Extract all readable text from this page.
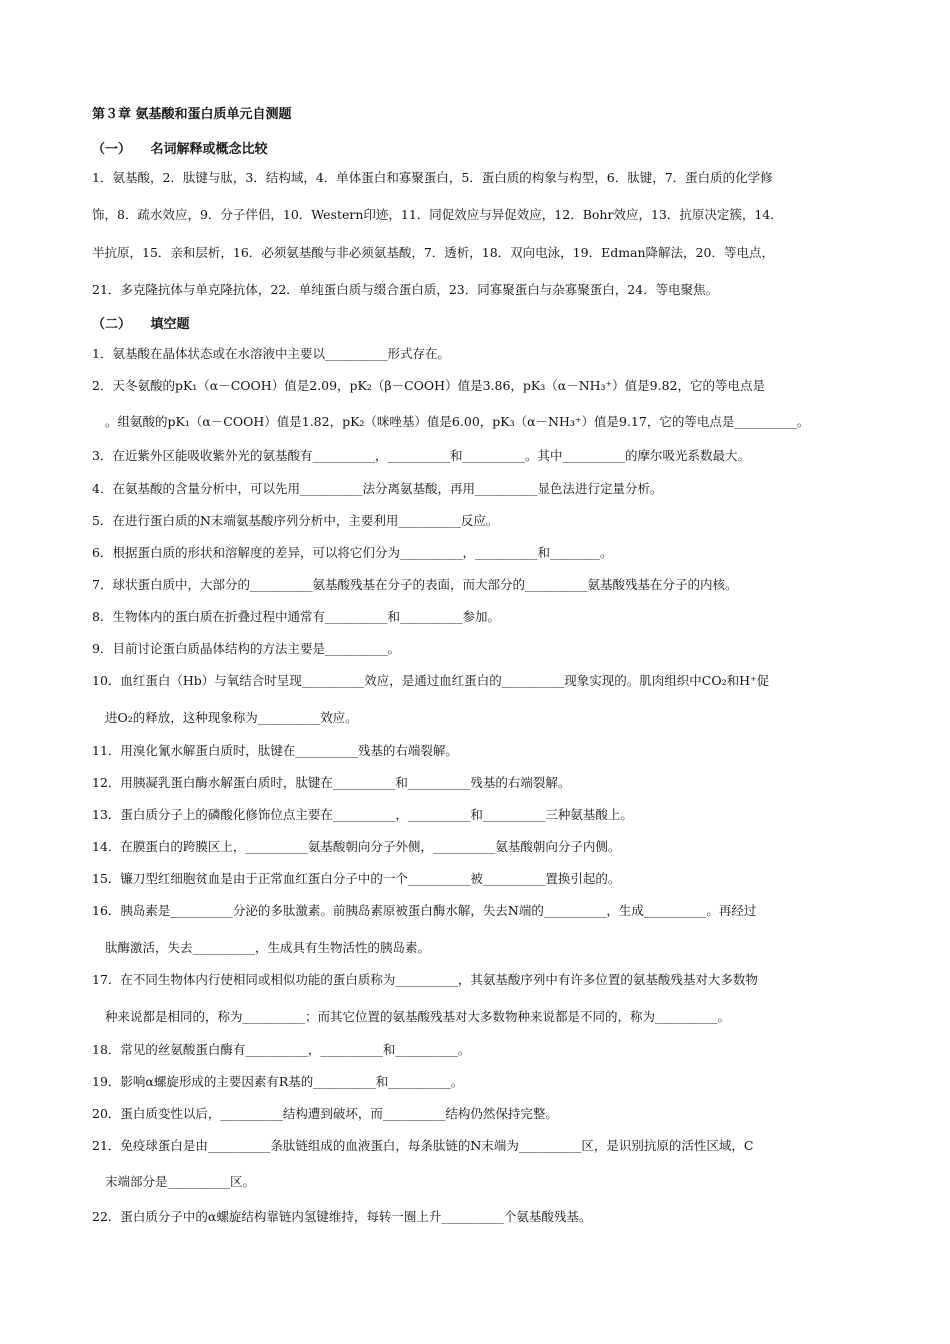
第３章 氨基酸和蛋白质单元自测题
（一）　　名词解释或概念比较
1．氨基酸，2．肽键与肽，3．结构域，4．单体蛋白和寡聚蛋白，5．蛋白质的构象与构型，6．肽键，7．蛋白质的化学修
饰，8．疏水效应，9．分子伴侣，10．Western印迹，11．同促效应与异促效应，12．Bohr效应，13．抗原决定簇，14．
半抗原，15．亲和层析，16．必须氨基酸与非必须氨基酸，7．透析，18．双向电泳，19．Edman降解法，20．等电点，
21．多克隆抗体与单克隆抗体，22．单纯蛋白质与缀合蛋白质，23．同寡聚蛋白与杂寡聚蛋白，24．等电聚焦。
（二）　　填空题
1．氨基酸在晶体状态或在水溶液中主要以__________形式存在。
2．天冬氨酸的pK₁（α－COOH）值是2.09，pK₂（β－COOH）值是3.86，pK₃（α－NH₃⁺）值是9.82，它的等电点是
。组氨酸的pK₁（α－COOH）值是1.82，pK₂（咪唑基）值是6.00，pK₃（α－NH₃⁺）值是9.17，它的等电点是__________。
3．在近紫外区能吸收紫外光的氨基酸有__________，__________和__________。其中__________的摩尔吸光系数最大。
4．在氨基酸的含量分析中，可以先用__________法分离氨基酸，再用__________显色法进行定量分析。
5．在进行蛋白质的N末端氨基酸序列分析中，主要利用__________反应。
6．根据蛋白质的形状和溶解度的差异，可以将它们分为__________，__________和________。
7．球状蛋白质中，大部分的__________氨基酸残基在分子的表面，而大部分的__________氨基酸残基在分子的内核。
8．生物体内的蛋白质在折叠过程中通常有__________和__________参加。
9．目前讨论蛋白质晶体结构的方法主要是__________。
10．血红蛋白（Hb）与氧结合时呈现__________效应，是通过血红蛋白的__________现象实现的。肌肉组织中CO₂和H⁺促
进O₂的释放，这种现象称为__________效应。
11．用溴化氰水解蛋白质时，肽键在__________残基的右端裂解。
12．用胰凝乳蛋白酶水解蛋白质时，肽键在__________和__________残基的右端裂解。
13．蛋白质分子上的磷酸化修饰位点主要在__________，__________和__________三种氨基酸上。
14．在膜蛋白的跨膜区上，__________氨基酸朝向分子外侧，__________氨基酸朝向分子内侧。
15．镰刀型红细胞贫血是由于正常血红蛋白分子中的一个__________被__________置换引起的。
16．胰岛素是__________分泌的多肽激素。前胰岛素原被蛋白酶水解，失去N端的__________，生成__________。再经过
肽酶激活，失去__________，生成具有生物活性的胰岛素。
17．在不同生物体内行使相同或相似功能的蛋白质称为__________，其氨基酸序列中有许多位置的氨基酸残基对大多数物
种来说都是相同的，称为__________；而其它位置的氨基酸残基对大多数物种来说都是不同的，称为__________。
18．常见的丝氨酸蛋白酶有__________，__________和__________。
19．影响α螺旋形成的主要因素有R基的__________和__________。
20．蛋白质变性以后，__________结构遭到破坏，而__________结构仍然保持完整。
21．免疫球蛋白是由__________条肽链组成的血液蛋白，每条肽链的N末端为__________区，是识别抗原的活性区域，C
末端部分是__________区。
22．蛋白质分子中的α螺旋结构靠链内氢键维持，每转一圈上升__________个氨基酸残基。
